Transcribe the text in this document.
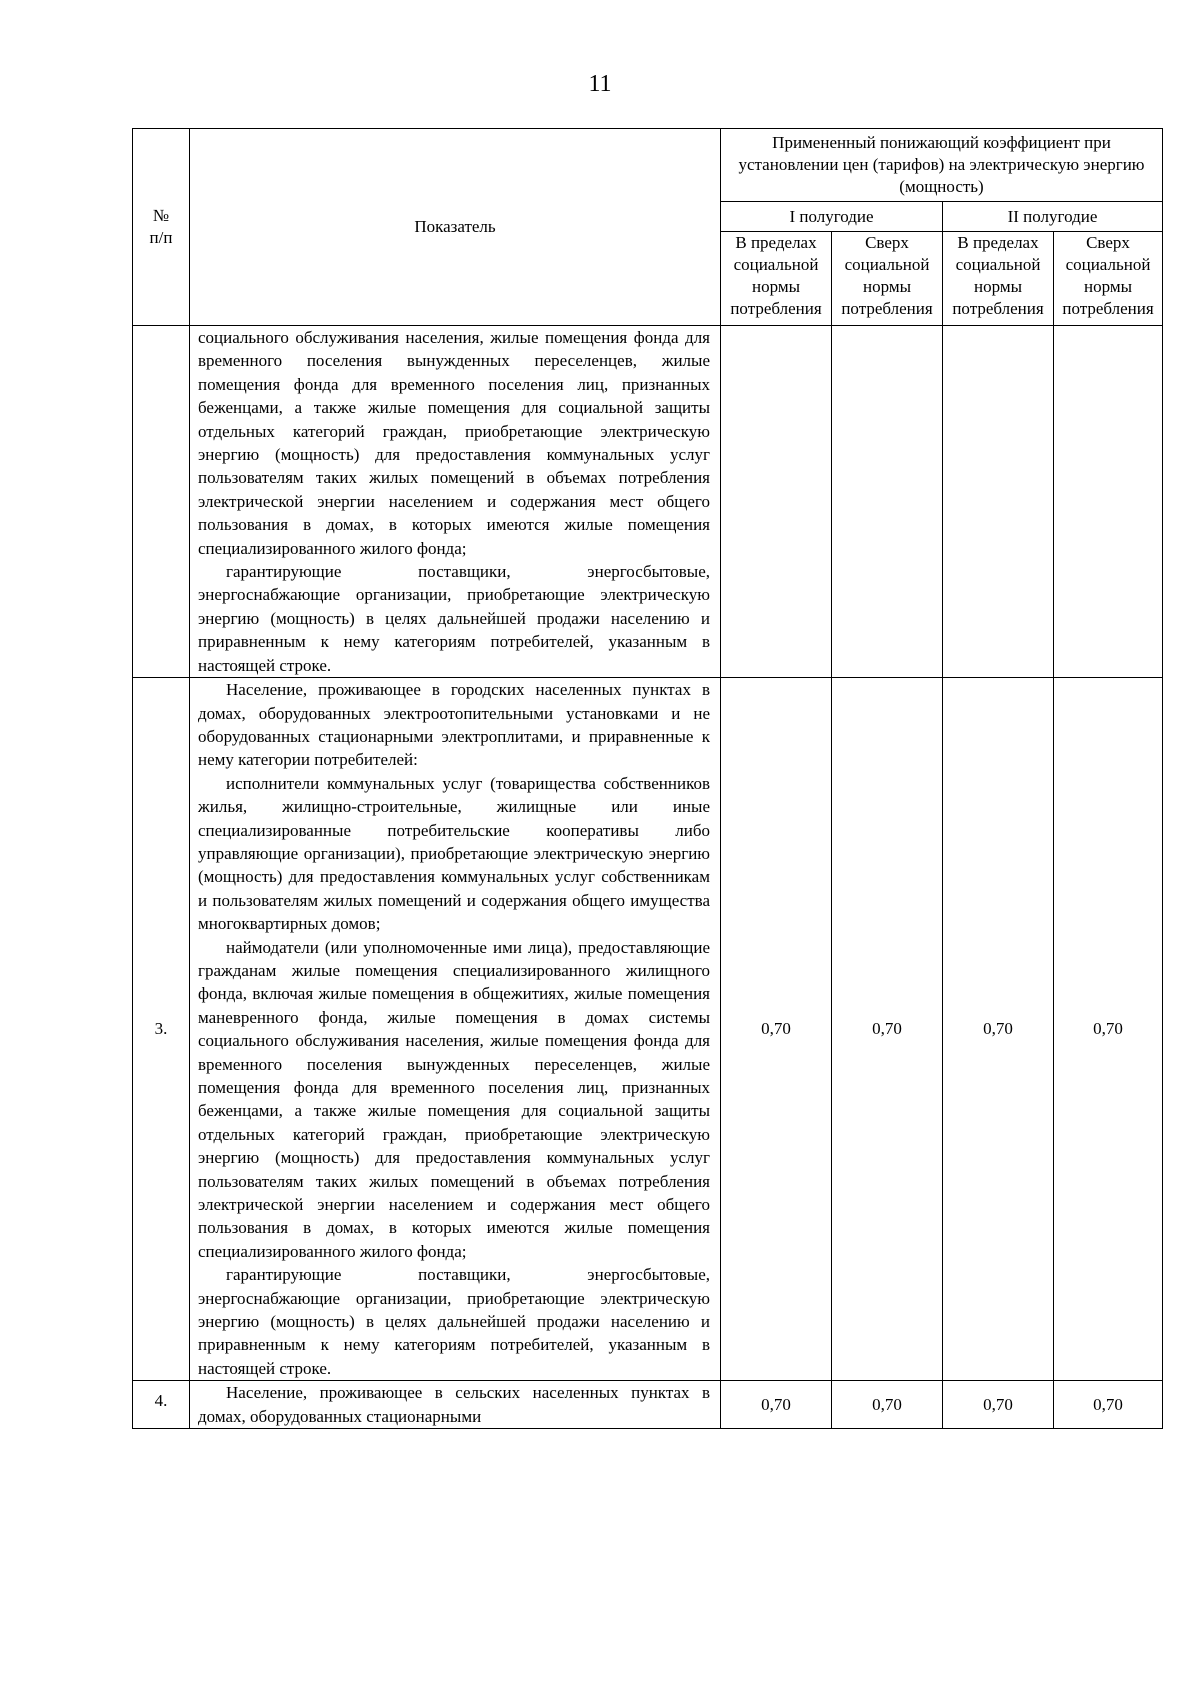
11
№
п/п	Показатель	Примененный понижающий коэффициент при установлении цен (тарифов) на электрическую энергию (мощность)			
		I полугодие		II полугодие	
		В пределах социальной нормы потребления	Сверх социальной нормы потребления	В пределах социальной нормы потребления	Сверх социальной нормы потребления

	социального обслуживания населения, жилые помещения фонда для временного поселения вынужденных переселенцев, жилые помещения фонда для временного поселения лиц, признанных беженцами, а также жилые помещения для социальной защиты отдельных категорий граждан, приобретающие электрическую энергию (мощность) для предоставления коммунальных услуг пользователям таких жилых помещений в объемах потребления электрической энергии населением и содержания мест общего пользования в домах, в которых имеются жилые помещения специализированного жилого фонда;

гарантирующие поставщики, энергосбытовые, энергоснабжающие организации, приобретающие электрическую энергию (мощность) в целях дальнейшей продажи населению и приравненным к нему категориям потребителей, указанным в настоящей строке.				

3.	Население, проживающее в городских населенных пунктах в домах, оборудованных электроотопительными установками и не оборудованных стационарными электроплитами, и приравненные к нему категории потребителей:

исполнители коммунальных услуг (товарищества собственников жилья, жилищно-строительные, жилищные или иные специализированные потребительские кооперативы либо управляющие организации), приобретающие электрическую энергию (мощность) для предоставления коммунальных услуг собственникам и пользователям жилых помещений и содержания общего имущества многоквартирных домов;

наймодатели (или уполномоченные ими лица), предоставляющие гражданам жилые помещения специализированного жилищного фонда, включая жилые помещения в общежитиях, жилые помещения маневренного фонда, жилые помещения в домах системы социального обслуживания населения, жилые помещения фонда для временного поселения вынужденных переселенцев, жилые помещения фонда для временного поселения лиц, признанных беженцами, а также жилые помещения для социальной защиты отдельных категорий граждан, приобретающие электрическую энергию (мощность) для предоставления коммунальных услуг пользователям таких жилых помещений в объемах потребления электрической энергии населением и содержания мест общего пользования в домах, в которых имеются жилые помещения специализированного жилого фонда;

гарантирующие поставщики, энергосбытовые, энергоснабжающие организации, приобретающие электрическую энергию (мощность) в целях дальнейшей продажи населению и приравненным к нему категориям потребителей, указанным в настоящей строке.	0,70	0,70	0,70	0,70
4.	Население, проживающее в сельских населенных пунктах в домах, оборудованных стационарными	0,70	0,70	0,70	0,70
